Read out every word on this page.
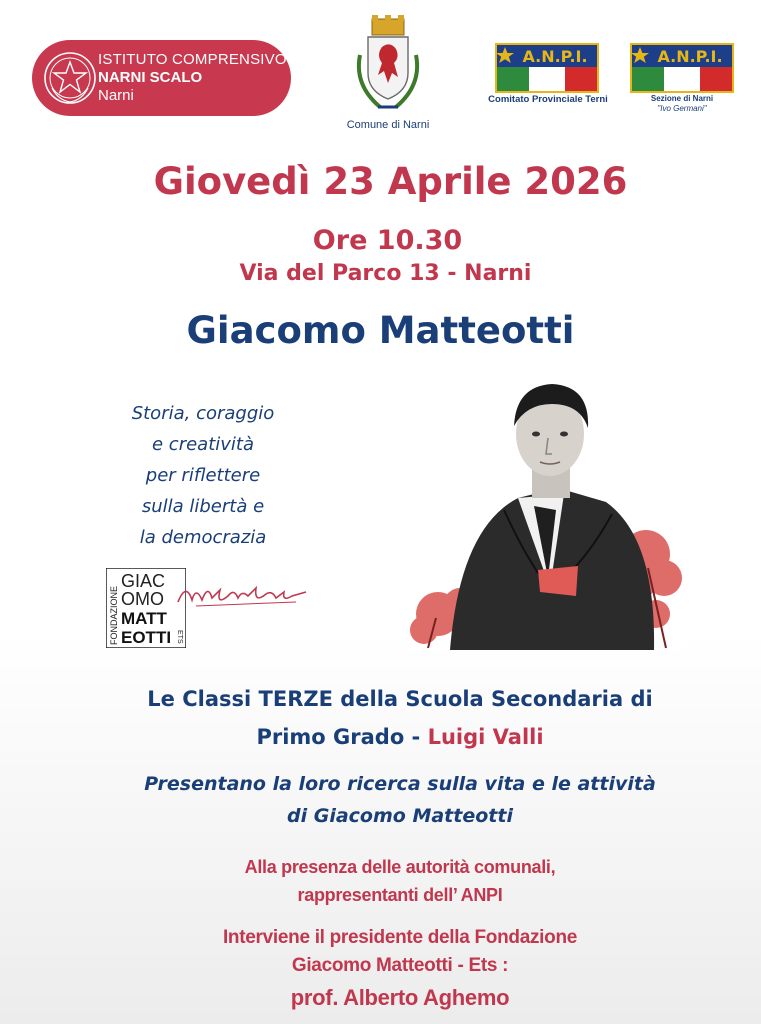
ISTITUTO COMPRENSIVO
NARNI SCALO
Narni
Comune di Narni
A.N.P.I.
Comitato Provinciale Terni
A.N.P.I.
Sezione di Narni
"Ivo Germani"
Giovedì 23 Aprile 2026
Ore 10.30
Via del Parco 13 - Narni
Giacomo Matteotti
Storia, coraggio
e creatività
per riflettere
sulla libertà e
la democrazia
FONDAZIONE
GIAC
OMO
MATT
EOTTI ETS
Le Classi TERZE della Scuola Secondaria di
Primo Grado - Luigi Valli
Presentano la loro ricerca sulla vita e le attività
di Giacomo Matteotti
Alla presenza delle autorità comunali,
rappresentanti dell’ ANPI
Interviene il presidente della Fondazione
Giacomo Matteotti - Ets :
prof. Alberto Aghemo
